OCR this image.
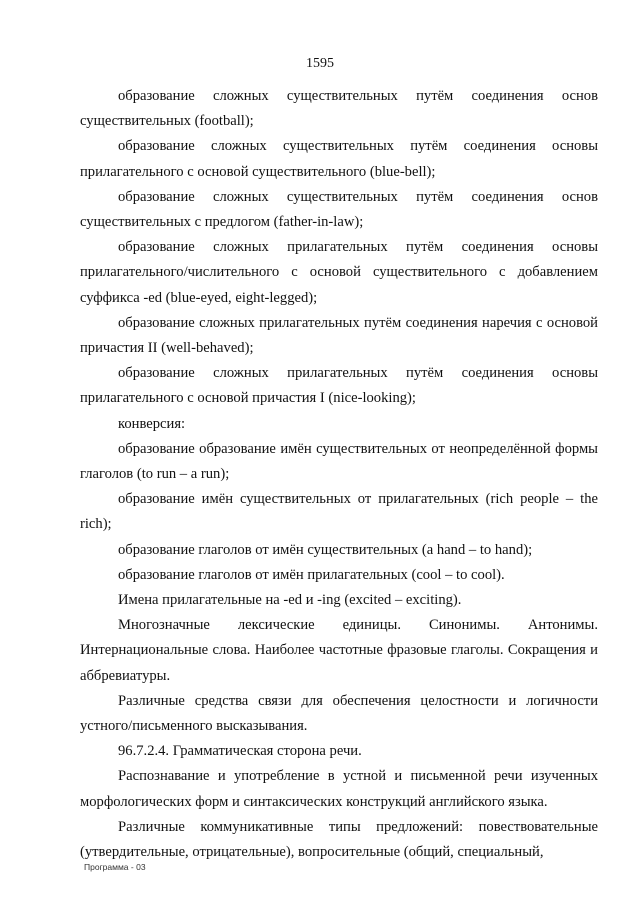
1595

образование сложных существительных путём соединения основ существительных (football);

образование сложных существительных путём соединения основы прилагательного с основой существительного (blue-bell);

образование сложных существительных путём соединения основ существительных с предлогом (father-in-law);

образование сложных прилагательных путём соединения основы прилагательного/числительного с основой существительного с добавлением суффикса -ed (blue-eyed, eight-legged);

образование сложных прилагательных путём соединения наречия с основой причастия II (well-behaved);

образование сложных прилагательных путём соединения основы прилагательного с основой причастия I (nice-looking);

конверсия:

образование образование имён существительных от неопределённой формы глаголов (to run – a run);

образование имён существительных от прилагательных (rich people – the rich);

образование глаголов от имён существительных (a hand – to hand);

образование глаголов от имён прилагательных (cool – to cool).

Имена прилагательные на -ed и -ing (excited – exciting).

Многозначные лексические единицы. Синонимы. Антонимы. Интернациональные слова. Наиболее частотные фразовые глаголы. Сокращения и аббревиатуры.

Различные средства связи для обеспечения целостности и логичности устного/письменного высказывания.

96.7.2.4. Грамматическая сторона речи.

Распознавание и употребление в устной и письменной речи изученных морфологических форм и синтаксических конструкций английского языка.

Различные коммуникативные типы предложений: повествовательные (утвердительные, отрицательные), вопросительные (общий, специальный,

Программа - 03
